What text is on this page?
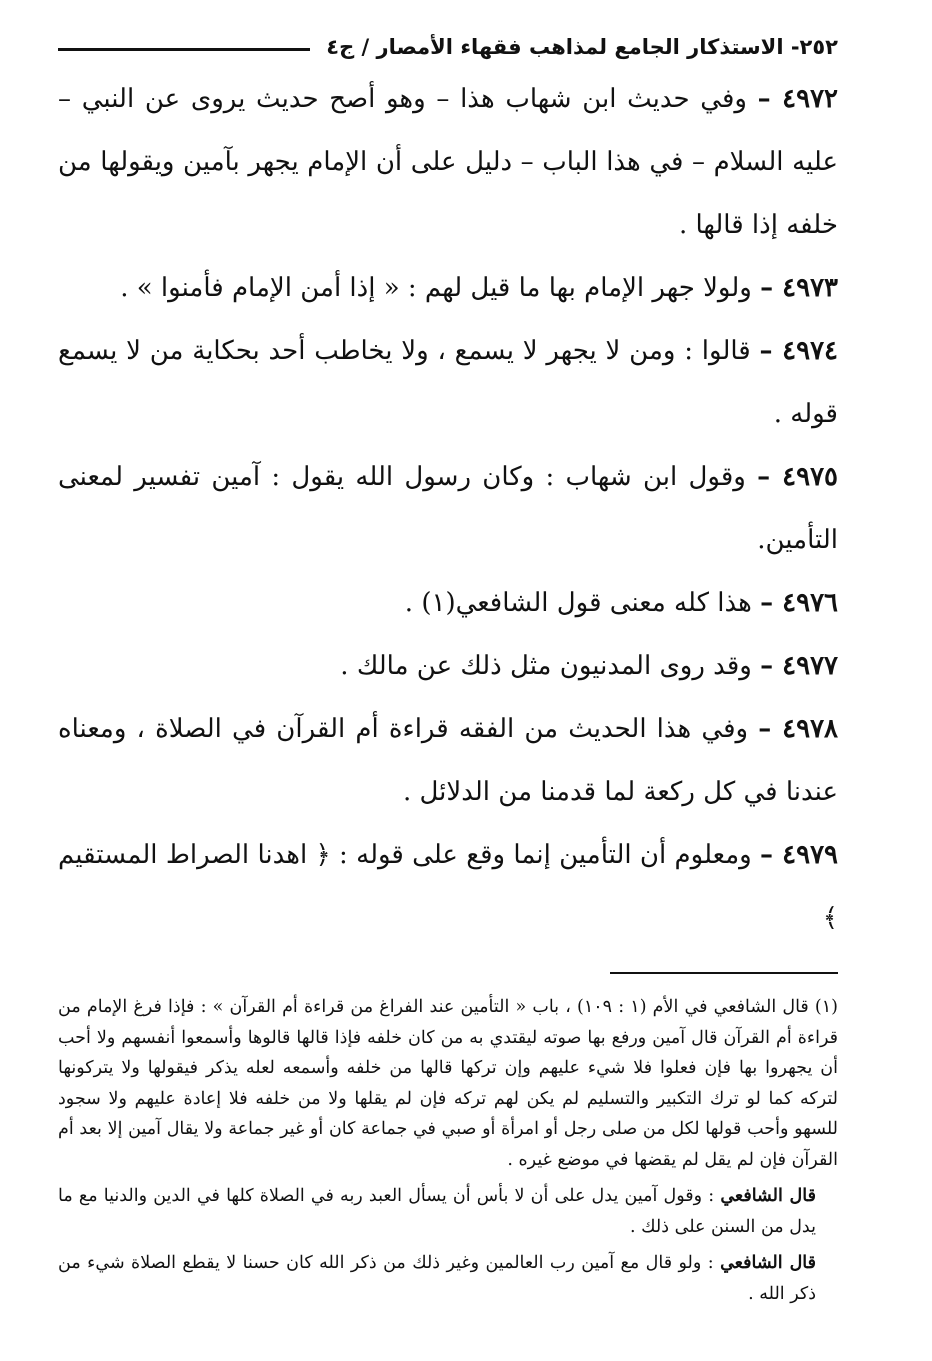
٢٥٢- الاستذكار الجامع لمذاهب فقهاء الأمصار / ج٤

٤٩٧٢ – وفي حديث ابن شهاب هذا – وهو أصح حديث يروى عن النبي – عليه السلام – في هذا الباب – دليل على أن الإمام يجهر بآمين ويقولها من خلفه إذا قالها .

٤٩٧٣ – ولولا جهر الإمام بها ما قيل لهم : « إذا أمن الإمام فأمنوا » .

٤٩٧٤ – قالوا : ومن لا يجهر لا يسمع ، ولا يخاطب أحد بحكاية من لا يسمع قوله .

٤٩٧٥ – وقول ابن شهاب : وكان رسول الله يقول : آمين تفسير لمعنى التأمين.

٤٩٧٦ – هذا كله معنى قول الشافعي(١) .

٤٩٧٧ – وقد روى المدنيون مثل ذلك عن مالك .

٤٩٧٨ – وفي هذا الحديث من الفقه قراءة أم القرآن في الصلاة ، ومعناه عندنا في كل ركعة لما قدمنا من الدلائل .

٤٩٧٩ – ومعلوم أن التأمين إنما وقع على قوله : ﴿ اهدنا الصراط المستقيم ﴾

(١) قال الشافعي في الأم (١ : ١٠٩) ، باب « التأمين عند الفراغ من قراءة أم القرآن » : فإذا فرغ الإمام من قراءة أم القرآن قال آمين ورفع بها صوته ليقتدي به من كان خلفه فإذا قالها قالوها وأسمعوا أنفسهم ولا أحب أن يجهروا بها فإن فعلوا فلا شيء عليهم وإن تركها قالها من خلفه وأسمعه لعله يذكر فيقولها ولا يتركونها لتركه كما لو ترك التكبير والتسليم لم يكن لهم تركه فإن لم يقلها ولا من خلفه فلا إعادة عليهم ولا سجود للسهو وأحب قولها لكل من صلى رجل أو امرأة أو صبي في جماعة كان أو غير جماعة ولا يقال آمين إلا بعد أم القرآن فإن لم يقل لم يقضها في موضع غيره .

قال الشافعي : وقول آمين يدل على أن لا بأس أن يسأل العبد ربه في الصلاة كلها في الدين والدنيا مع ما يدل من السنن على ذلك .

قال الشافعي : ولو قال مع آمين رب العالمين وغير ذلك من ذكر الله كان حسنا لا يقطع الصلاة شيء من ذكر الله .
